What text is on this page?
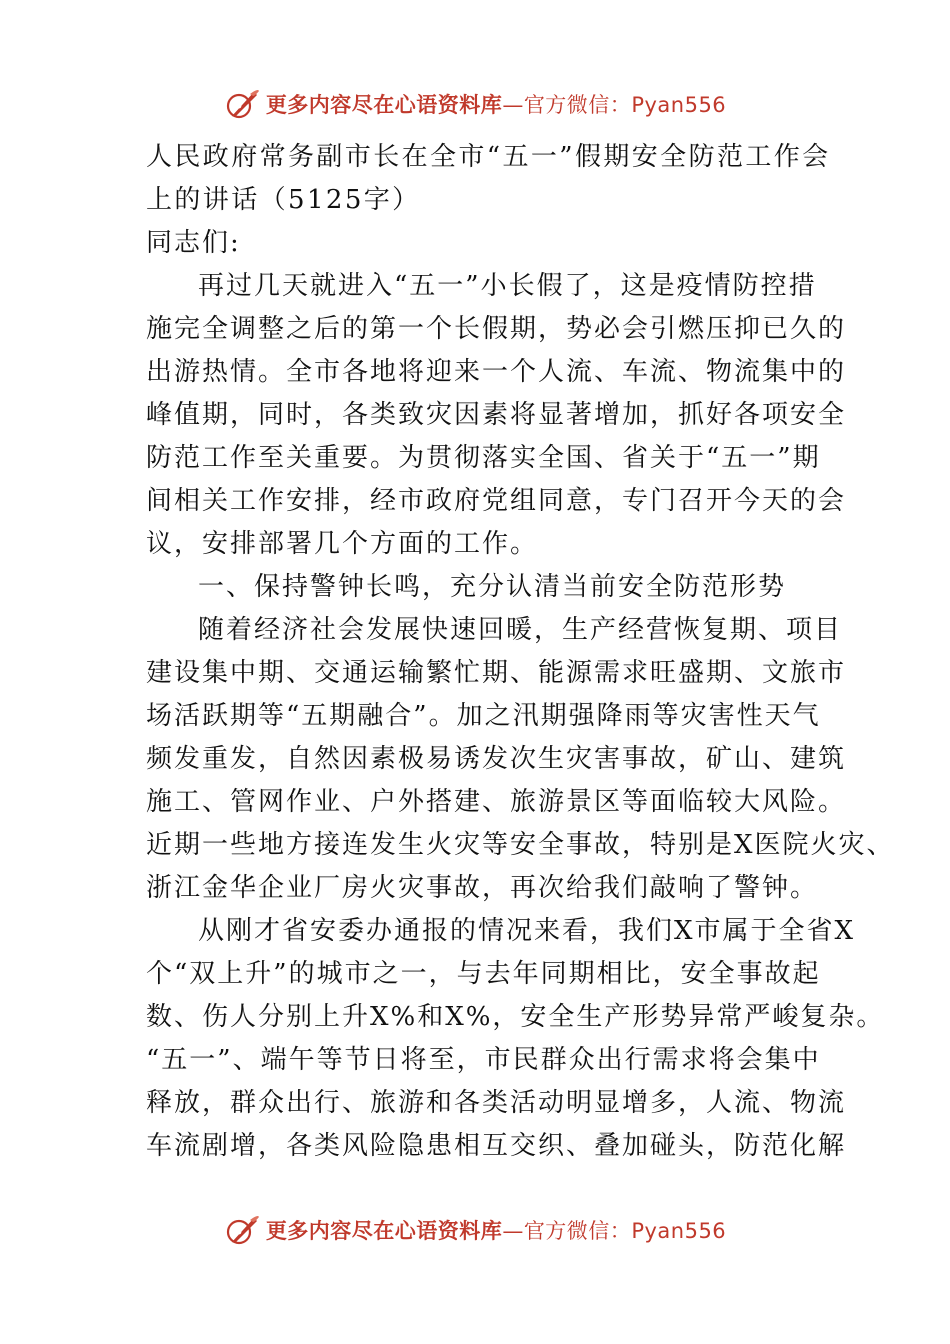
更多内容尽在心语资料库—官方微信：Pyan556
人民政府常务副市长在全市“五一”假期安全防范工作会
上的讲话（5125字）
同志们:
再过几天就进入“五一”小长假了，这是疫情防控措
施完全调整之后的第一个长假期，势必会引燃压抑已久的
出游热情。全市各地将迎来一个人流、车流、物流集中的
峰值期，同时，各类致灾因素将显著增加，抓好各项安全
防范工作至关重要。为贯彻落实全国、省关于“五一”期
间相关工作安排，经市政府党组同意，专门召开今天的会
议，安排部署几个方面的工作。
一、保持警钟长鸣，充分认清当前安全防范形势
随着经济社会发展快速回暖，生产经营恢复期、项目
建设集中期、交通运输繁忙期、能源需求旺盛期、文旅市
场活跃期等“五期融合”。加之汛期强降雨等灾害性天气
频发重发，自然因素极易诱发次生灾害事故，矿山、建筑
施工、管网作业、户外搭建、旅游景区等面临较大风险。
近期一些地方接连发生火灾等安全事故，特别是X医院火灾、
浙江金华企业厂房火灾事故，再次给我们敲响了警钟。
从刚才省安委办通报的情况来看，我们X市属于全省X
个“双上升”的城市之一，与去年同期相比，安全事故起
数、伤人分别上升X%和X%，安全生产形势异常严峻复杂。
“五一”、端午等节日将至，市民群众出行需求将会集中
释放，群众出行、旅游和各类活动明显增多，人流、物流
车流剧增，各类风险隐患相互交织、叠加碰头，防范化解
更多内容尽在心语资料库—官方微信：Pyan556
